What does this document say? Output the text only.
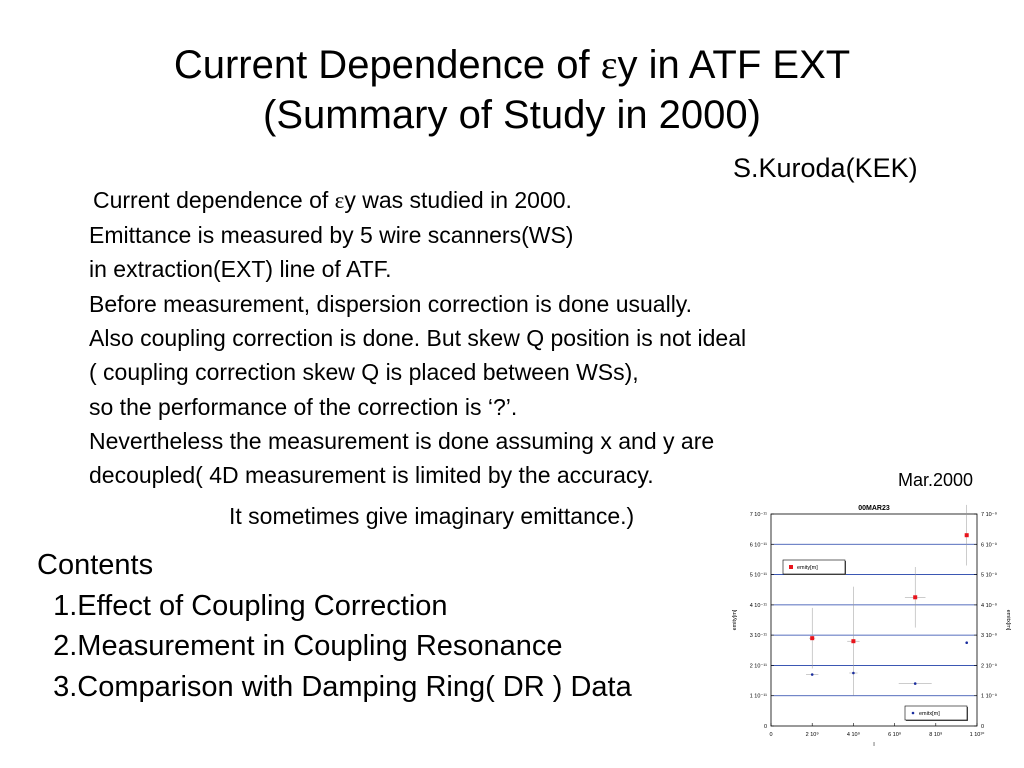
Current Dependence of εy in ATF EXT
(Summary of Study in 2000)
S.Kuroda(KEK)
Current dependence of εy was studied in 2000.
Emittance is measured by 5 wire scanners(WS)
in extraction(EXT) line of ATF.
Before measurement, dispersion correction is done usually.
Also coupling correction is done. But skew Q position is not ideal
( coupling correction skew Q is placed between WSs),
so the performance of the correction is ‘?’.
Nevertheless the measurement is done assuming x and y are
decoupled( 4D measurement is limited by the accuracy.
It sometimes give imaginary emittance.)
Mar.2000
Contents
1.Effect of Coupling Correction
2.Measurement in Coupling Resonance
3.Comparison with Damping Ring( DR ) Data
00MAR23
0	0
1 10⁻¹¹	1 10⁻⁹
2 10⁻¹¹	2 10⁻⁹
3 10⁻¹¹	3 10⁻⁹
4 10⁻¹¹	4 10⁻⁹
5 10⁻¹¹	5 10⁻⁹
6 10⁻¹¹	6 10⁻⁹
7 10⁻¹¹	7 10⁻⁹
0	2 10⁹	4 10⁹	6 10⁹	8 10⁹	1 10¹⁰
I
emity[m]	emitx[m]
emity[m]
emitx[m]
